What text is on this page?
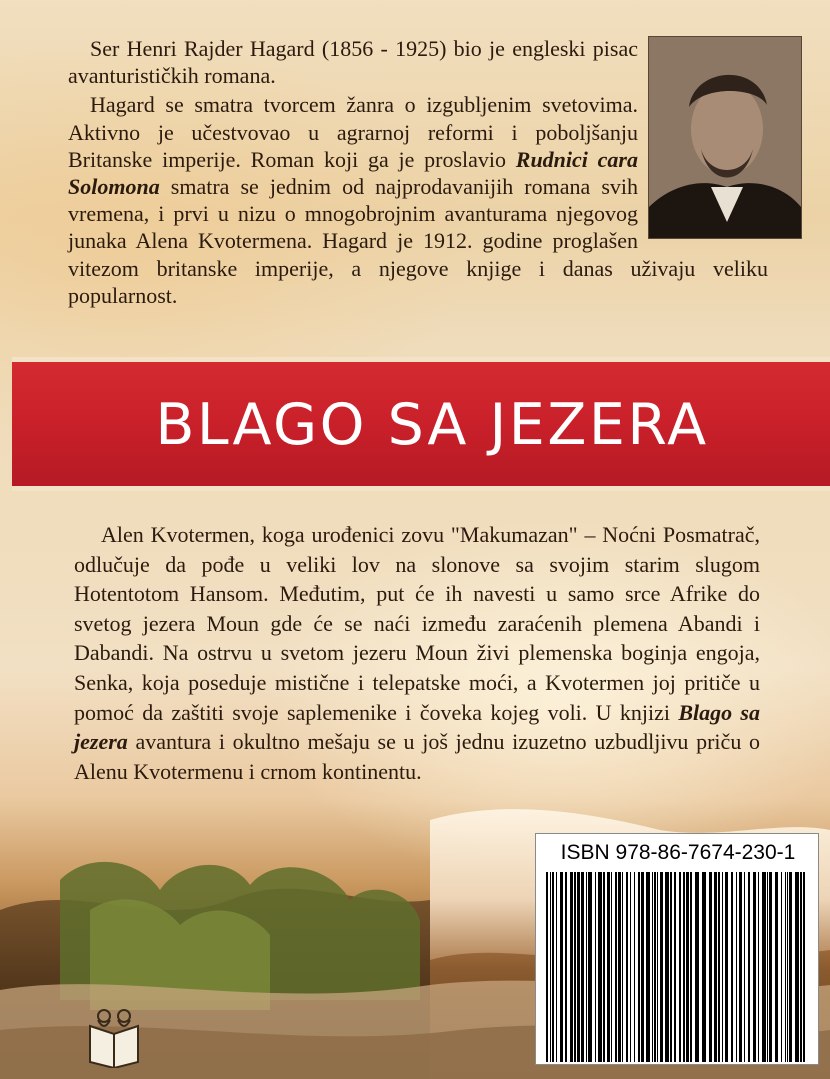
Ser Henri Rajder Hagard (1856 - 1925) bio je engleski pisac avanturističkih romana.

Hagard se smatra tvorcem žanra o izgubljenim svetovima. Aktivno je učestvovao u agrarnoj reformi i poboljšanju Britanske imperije. Roman koji ga je proslavio Rudnici cara Solomona smatra se jednim od najprodavanijih romana svih vremena, i prvi u nizu o mnogobrojnim avanturama njegovog junaka Alena Kvotermena. Hagard je 1912. godine proglašen vitezom britanske imperije, a njegove knjige i danas uživaju veliku popularnost.

BLAGO SA JEZERA

Alen Kvotermen, koga urođenici zovu "Makumazan" – Noćni Posmatrač, odlučuje da pođe u veliki lov na slonove sa svojim starim slugom Hotentotom Hansom. Međutim, put će ih navesti u samo srce Afrike do svetog jezera Moun gde će se naći između zaraćenih plemena Abandi i Dabandi. Na ostrvu u svetom jezeru Moun živi plemenska boginja engoja, Senka, koja poseduje mistične i telepatske moći, a Kvotermen joj pritiče u pomoć da zaštiti svoje saplemenike i čoveka kojeg voli. U knjizi Blago sa jezera avantura i okultno mešaju se u još jednu izuzetno uzbudljivu priču o Alenu Kvotermenu i crnom kontinentu.

ISBN 978-86-7674-230-1
